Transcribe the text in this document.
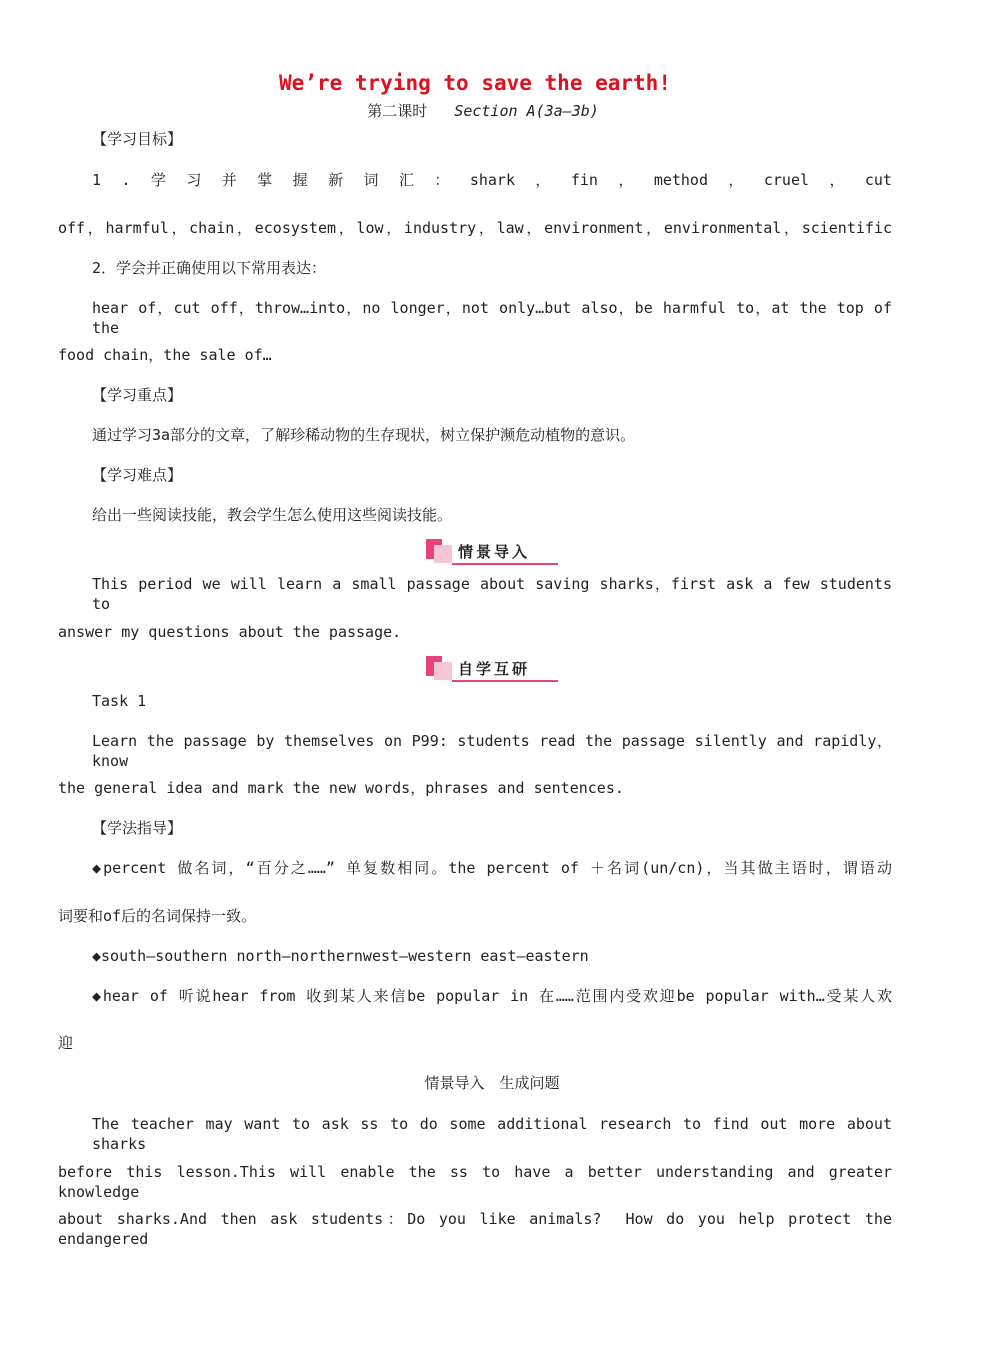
We’re trying to save the earth!
第二课时 Section A(3a—3b)
【学习目标】
1 . 学 习 并 掌 握 新 词 汇 ： shark ， fin ， method ， cruel ， cut
off，harmful，chain，ecosystem，low，industry，law，environment，environmental，scientific
2．学会并正确使用以下常用表达：
hear of，cut off，throw…into，no longer，not only…but also，be harmful to，at the top of the
food chain，the sale of…
【学习重点】
通过学习3a部分的文章，了解珍稀动物的生存现状，树立保护濒危动植物的意识。
【学习难点】
给出一些阅读技能，教会学生怎么使用这些阅读技能。
情景导入
This period we will learn a small passage about saving sharks，first ask a few students to
answer my questions about the passage.
自学互研
Task 1
Learn the passage by themselves on P99: students read the passage silently and rapidly，know
the general idea and mark the new words，phrases and sentences.
【学法指导】
◆percent 做名词，“百分之……” 单复数相同。the percent of ＋名词(un/cn)，当其做主语时，谓语动
词要和of后的名词保持一致。
◆south—southern north—northernwest—western east—eastern
◆hear of 听说hear from 收到某人来信be popular in 在……范围内受欢迎be popular with…受某人欢
迎
情景导入　生成问题
The teacher may want to ask ss to do some additional research to find out more about sharks
before this lesson.This will enable the ss to have a better understanding and greater knowledge
about sharks.And then ask students：Do you like animals?　How do you help protect the endangered
